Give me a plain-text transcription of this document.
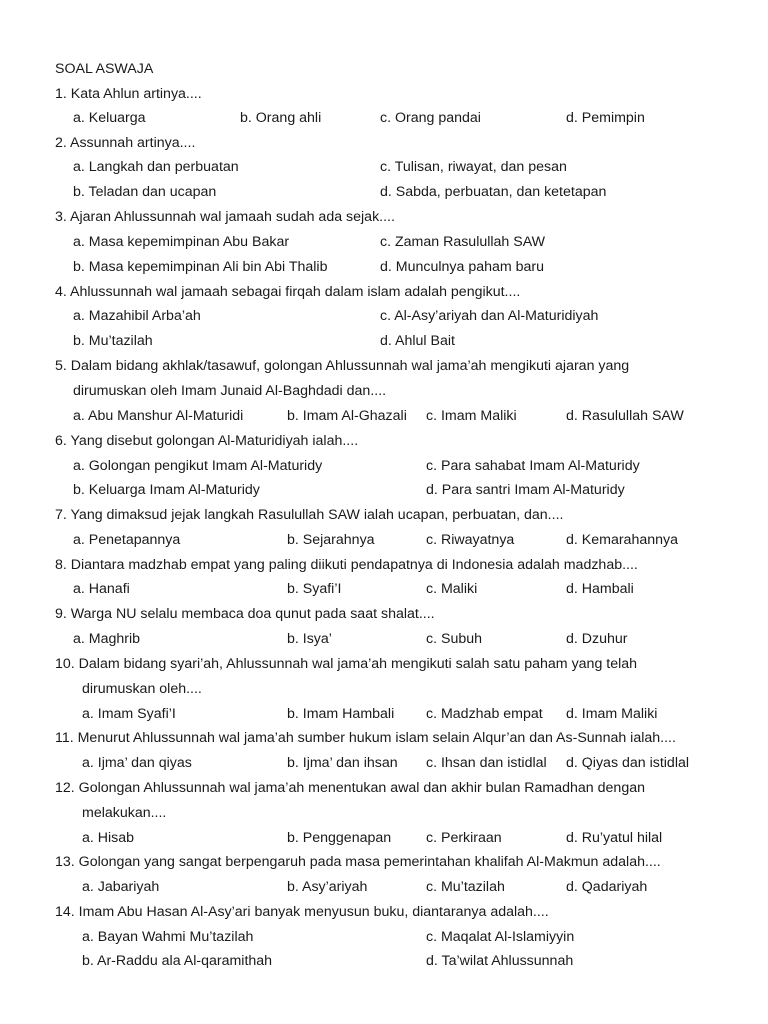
SOAL ASWAJA
1. Kata Ahlun artinya....
a. Keluarga	b. Orang ahli	c. Orang pandai	d. Pemimpin
2. Assunnah artinya....
a. Langkah dan perbuatan	c. Tulisan, riwayat, dan pesan
b. Teladan dan ucapan	d. Sabda, perbuatan, dan ketetapan
3. Ajaran Ahlussunnah wal jamaah sudah ada sejak....
a. Masa kepemimpinan Abu Bakar	c. Zaman Rasulullah SAW
b. Masa kepemimpinan Ali bin Abi Thalib	d. Munculnya paham baru
4. Ahlussunnah wal jamaah sebagai firqah dalam islam adalah pengikut....
a. Mazahibil Arba’ah	c. Al-Asy’ariyah dan Al-Maturidiyah
b. Mu’tazilah	d. Ahlul Bait
5. Dalam bidang akhlak/tasawuf, golongan Ahlussunnah wal jama’ah mengikuti ajaran yang
dirumuskan oleh Imam Junaid Al-Baghdadi dan....
a. Abu Manshur Al-Maturidi	b. Imam Al-Ghazali c. Imam Maliki	d. Rasulullah SAW
6. Yang disebut golongan Al-Maturidiyah ialah....
a. Golongan pengikut Imam Al-Maturidy	c. Para sahabat Imam Al-Maturidy
b. Keluarga Imam Al-Maturidy	d. Para santri Imam Al-Maturidy
7. Yang dimaksud jejak langkah Rasulullah SAW ialah ucapan, perbuatan, dan....
a. Penetapannya	b. Sejarahnya	c. Riwayatnya	d. Kemarahannya
8. Diantara madzhab empat yang paling diikuti pendapatnya di Indonesia adalah madzhab....
a. Hanafi	b. Syafi’I	c. Maliki	d. Hambali
9. Warga NU selalu membaca doa qunut pada saat shalat....
a. Maghrib	b. Isya’	c. Subuh	d. Dzuhur
10. Dalam bidang syari’ah, Ahlussunnah wal jama’ah mengikuti salah satu paham yang telah
dirumuskan oleh....
a. Imam Syafi’I	b. Imam Hambali c. Madzhab empat d. Imam Maliki
11. Menurut Ahlussunnah wal jama’ah sumber hukum islam selain Alqur’an dan As-Sunnah ialah....
a. Ijma’ dan qiyas	b. Ijma’ dan ihsan c. Ihsan dan istidlal d. Qiyas dan istidlal
12. Golongan Ahlussunnah wal jama’ah menentukan awal dan akhir bulan Ramadhan dengan
melakukan....
a. Hisab	b. Penggenapan c. Perkiraan	d. Ru’yatul hilal
13. Golongan yang sangat berpengaruh pada masa pemerintahan khalifah Al-Makmun adalah....
a. Jabariyah	b. Asy’ariyah	c. Mu’tazilah	d. Qadariyah
14. Imam Abu Hasan Al-Asy’ari banyak menyusun buku, diantaranya adalah....
a. Bayan Wahmi Mu’tazilah	c. Maqalat Al-Islamiyyin
b. Ar-Raddu ala Al-qaramithah	d. Ta’wilat Ahlussunnah
